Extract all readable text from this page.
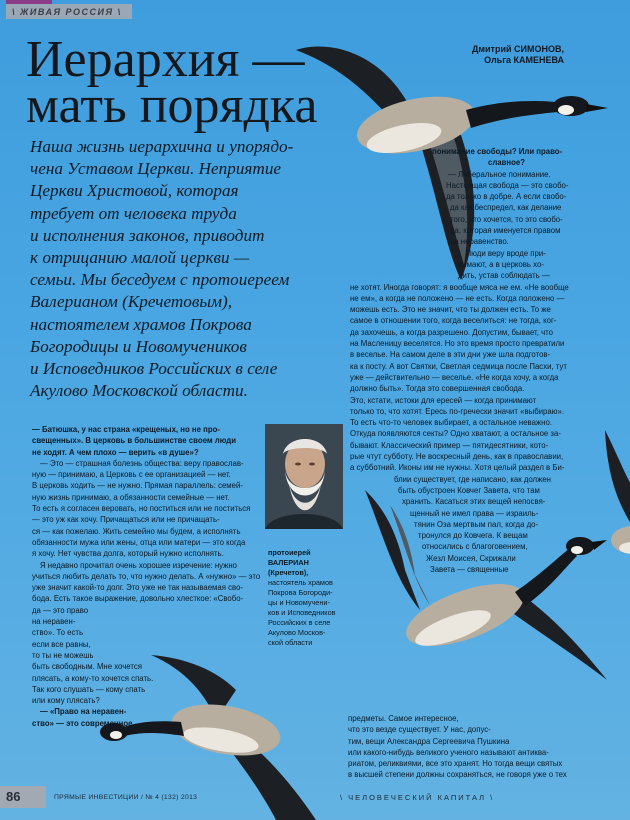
\ ЖИВАЯ РОССИЯ \
Иерархия —
мать порядка
Дмитрий СИМОНОВ,
Ольга КАМЕНЕВА
Наша жизнь иерархична и упорядо-
чена Уставом Церкви. Неприятие
Церкви Христовой, которая
требует от человека труда
и исполнения законов, приводит
к отрицанию малой церкви —
семьи. Мы беседуем с протоиереем
Валерианом (Кречетовым),
настоятелем храмов Покрова
Богородицы и Новомучеников
и Исповедников Российских в селе
Акулово Московской области.
— Батюшка, у нас страна «крещеных, но не про-
свещенных». В церковь в большинстве своем люди
не ходят. А чем плохо — верить «в душе»?
— Это — страшная болезнь общества: веру православ-
ную — принимаю, а Церковь с ее организацией — нет.
В церковь ходить — не нужно. Прямая параллель: семей-
ную жизнь принимаю, а обязанности семейные — нет.
То есть я согласен веровать, но поститься или не поститься
— это уж как хочу. Причащаться или не причащать-
ся — как пожелаю. Жить семейно мы будем, а исполнять
обязанности мужа или жены, отца или матери — это когда
я хочу. Нет чувства долга, который нужно исполнять.
Я недавно прочитал очень хорошее изречение: нужно
учиться любить делать то, что нужно делать. А «нужно» — это
уже значит какой-то долг. Это уже не так называемая сво-
бода. Есть такое выражение, довольно хлесткое: «Свобо-
да — это право
на неравен-
ство». То есть
если все равны,
то ты не можешь
быть свободным. Мне хочется
плясать, а кому-то хочется спать.
Так кого слушать — кому спать
или кому плясать?
— «Право на неравен-
ство» — это современное
протоиерей
ВАЛЕРИАН
(Кречетов),
настоятель храмов
Покрова Богороди-
цы и Новомучени-
ков и Исповедников
Российских в селе
Акулово Москов-
ской области
понимание свободы? Или право-
славное?
— Либеральное понимание.
Настоящая свобода — это свобо-
да только в добре. А если свобо-
да как беспредел, как делание
того, что хочется, то это свобо-
да, которая именуется правом
на неравенство.
Люди веру вроде при-
нимают, а в церковь хо-
дить, устав соблюдать —
не хотят. Иногда говорят: я вообще мяса не ем. «Не вообще
не ем», а когда не положено — не есть. Когда положено —
можешь есть. Это не значит, что ты должен есть. То же
самое в отношении того, когда веселиться: не тогда, ког-
да захочешь, а когда разрешено. Допустим, бывает, что
на Масленицу веселятся. Но это время просто превратили
в веселье. На самом деле в эти дни уже шла подготов-
ка к посту. А вот Святки, Светлая седмица после Пасхи, тут
уже — действительно — веселье. «Не когда хочу, а когда
должно быть». Тогда это совершенная свобода.
Это, кстати, истоки для ересей — когда принимают
только то, что хотят. Ересь по-гречески значит «выбираю».
То есть что-то человек выбирает, а остальное неважно.
Откуда появляются секты? Одно хватают, а остальное за-
бывают. Классический пример — пятидесятники, кото-
рые чтут субботу. Не воскресный день, как в православии,
а субботний. Иконы им не нужны. Хотя целый раздел в Би-
блии существует, где написано, как должен
быть обустроен Ковчег Завета, что там
хранить. Касаться этих вещей непосвя-
щенный не имел права — израиль-
тянин Оза мертвым пал, когда до-
тронулся до Ковчега. К вещам
относились с благоговением,
Жезл Моисея, Скрижали
Завета — священные
предметы. Самое интересное,
что это везде существует. У нас, допус-
тим, вещи Александра Сергеевича Пушкина
или какого-нибудь великого ученого называют антиква-
риатом, реликвиями, все это хранят. Но тогда вещи святых
в высшей степени должны сохраняться, не говоря уже о тех
86	ПРЯМЫЕ ИНВЕСТИЦИИ / № 4 (132) 2013	\ ЧЕЛОВЕЧЕСКИЙ КАПИТАЛ \
